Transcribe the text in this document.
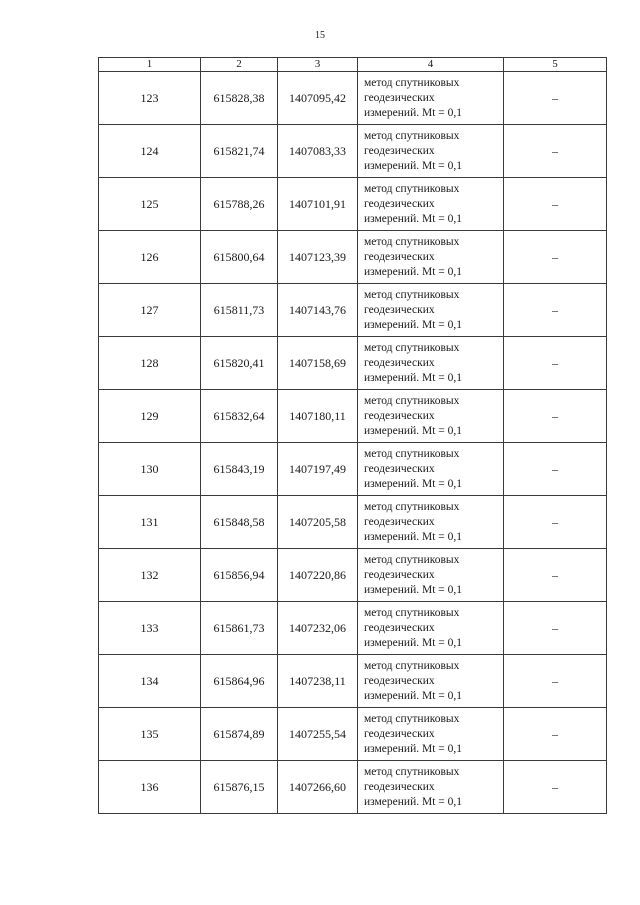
15
1	2	3	4	5
123	615828,38	1407095,42	метод спутниковых
геодезических
измерений. Mt = 0,1	–
124	615821,74	1407083,33	метод спутниковых
геодезических
измерений. Mt = 0,1	–
125	615788,26	1407101,91	метод спутниковых
геодезических
измерений. Mt = 0,1	–
126	615800,64	1407123,39	метод спутниковых
геодезических
измерений. Mt = 0,1	–
127	615811,73	1407143,76	метод спутниковых
геодезических
измерений. Mt = 0,1	–
128	615820,41	1407158,69	метод спутниковых
геодезических
измерений. Mt = 0,1	–
129	615832,64	1407180,11	метод спутниковых
геодезических
измерений. Mt = 0,1	–
130	615843,19	1407197,49	метод спутниковых
геодезических
измерений. Mt = 0,1	–
131	615848,58	1407205,58	метод спутниковых
геодезических
измерений. Mt = 0,1	–
132	615856,94	1407220,86	метод спутниковых
геодезических
измерений. Mt = 0,1	–
133	615861,73	1407232,06	метод спутниковых
геодезических
измерений. Mt = 0,1	–
134	615864,96	1407238,11	метод спутниковых
геодезических
измерений. Mt = 0,1	–
135	615874,89	1407255,54	метод спутниковых
геодезических
измерений. Mt = 0,1	–
136	615876,15	1407266,60	метод спутниковых
геодезических
измерений. Mt = 0,1	–
